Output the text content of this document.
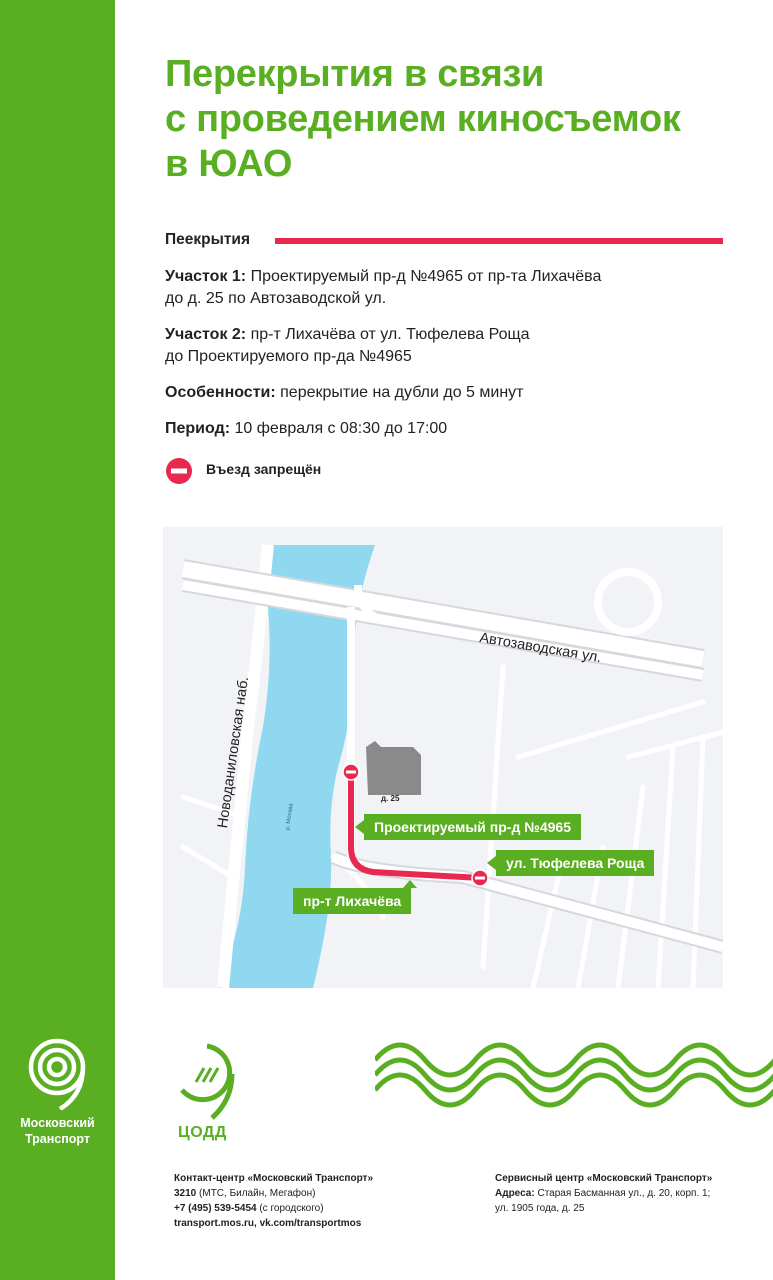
Московский
Транспорт
Перекрытия в связи
с проведением киносъемок
в ЮАО
Пеекрытия
Участок 1: Проектируемый пр-д №4965 от пр-та Лихачёва
до д. 25 по Автозаводской ул.
Участок 2: пр-т Лихачёва от ул. Тюфелева Роща
до Проектируемого пр-да №4965
Особенности: перекрытие на дубли до 5 минут
Период: 10 февраля с 08:30 до 17:00
Въезд запрещён
Автозаводская ул.
Новоданиловская наб.	р. Москва
д. 25
Проектируемый пр-д №4965
ул. Тюфелева Роща
пр-т Лихачёва
ЦОДД
Контакт-центр «Московский Транспорт»
3210 (МТС, Билайн, Мегафон)
+7 (495) 539-5454 (с городского)
transport.mos.ru, vk.com/transportmos
Сервисный центр «Московский Транспорт»
Адреса: Старая Басманная ул., д. 20, корп. 1;
ул. 1905 года, д. 25
